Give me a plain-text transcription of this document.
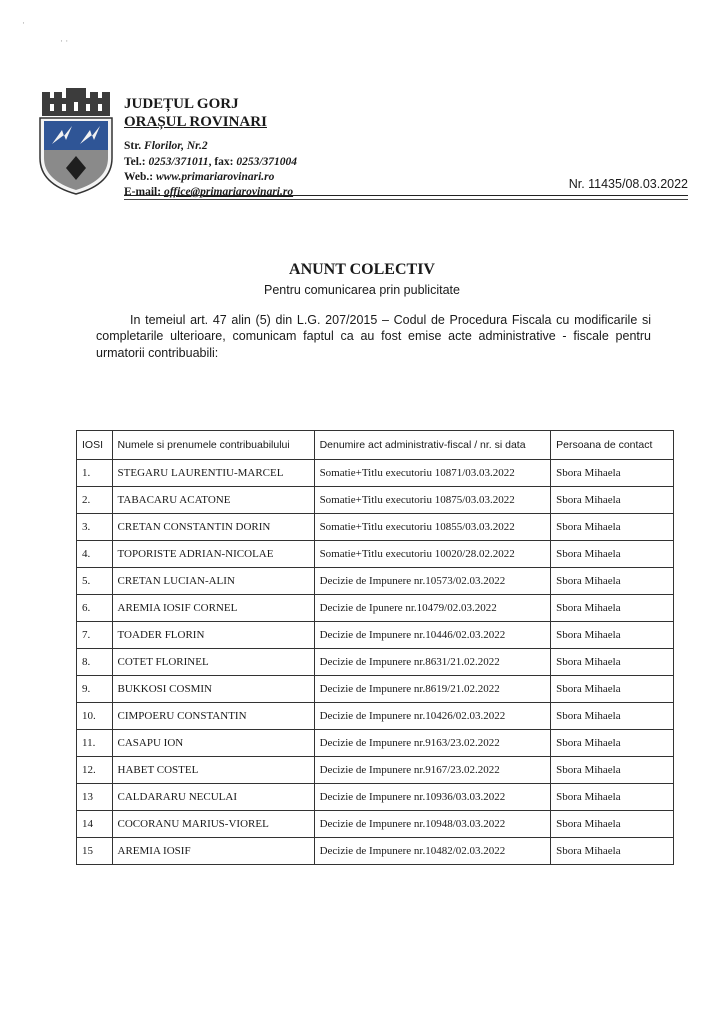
·
· ·
JUDEȚUL GORJ
ORAȘUL ROVINARI
Str. Florilor, Nr.2
Tel.: 0253/371011, fax: 0253/371004
Web.: www.primariarovinari.ro
E-mail: office@primariarovinari.ro
Nr. 11435/08.03.2022
ANUNT COLECTIV
Pentru comunicarea prin publicitate
In temeiul art. 47 alin (5) din L.G. 207/2015 – Codul de Procedura Fiscala cu modificarile si completarile ulterioare, comunicam faptul ca au fost emise acte administrative - fiscale pentru urmatorii contribuabili:
IOSI	Numele si prenumele contribuabilului	Denumire act administrativ-fiscal / nr. si data	Persoana de contact
1.	STEGARU LAURENTIU-MARCEL	Somatie+Titlu executoriu 10871/03.03.2022	Sbora Mihaela
2.	TABACARU ACATONE	Somatie+Titlu executoriu 10875/03.03.2022	Sbora Mihaela
3.	CRETAN CONSTANTIN DORIN	Somatie+Titlu executoriu 10855/03.03.2022	Sbora Mihaela
4.	TOPORISTE ADRIAN-NICOLAE	Somatie+Titlu executoriu 10020/28.02.2022	Sbora Mihaela
5.	CRETAN LUCIAN-ALIN	Decizie de Impunere nr.10573/02.03.2022	Sbora Mihaela
6.	AREMIA IOSIF CORNEL	Decizie de Ipunere nr.10479/02.03.2022	Sbora Mihaela
7.	TOADER FLORIN	Decizie de Impunere nr.10446/02.03.2022	Sbora Mihaela
8.	COTET FLORINEL	Decizie de Impunere nr.8631/21.02.2022	Sbora Mihaela
9.	BUKKOSI COSMIN	Decizie de Impunere nr.8619/21.02.2022	Sbora Mihaela
10.	CIMPOERU CONSTANTIN	Decizie de Impunere nr.10426/02.03.2022	Sbora Mihaela
11.	CASAPU ION	Decizie de Impunere nr.9163/23.02.2022	Sbora Mihaela
12.	HABET COSTEL	Decizie de Impunere nr.9167/23.02.2022	Sbora Mihaela
13	CALDARARU NECULAI	Decizie de Impunere nr.10936/03.03.2022	Sbora Mihaela
14	COCORANU MARIUS-VIOREL	Decizie de Impunere nr.10948/03.03.2022	Sbora Mihaela
15	AREMIA IOSIF	Decizie de Impunere nr.10482/02.03.2022	Sbora Mihaela
